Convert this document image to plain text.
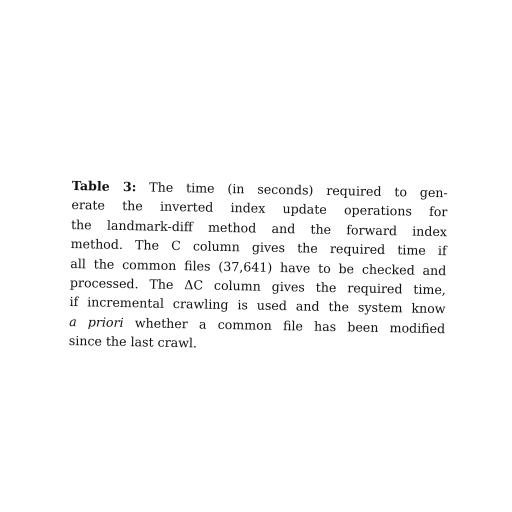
Table 3: The time (in seconds) required to gen-
erate the inverted index update operations for
the landmark-diff method and the forward index
method. The C column gives the required time if
all the common files (37,641) have to be checked and
processed. The ΔC column gives the required time,
if incremental crawling is used and the system know
a priori whether a common file has been modified
since the last crawl.
